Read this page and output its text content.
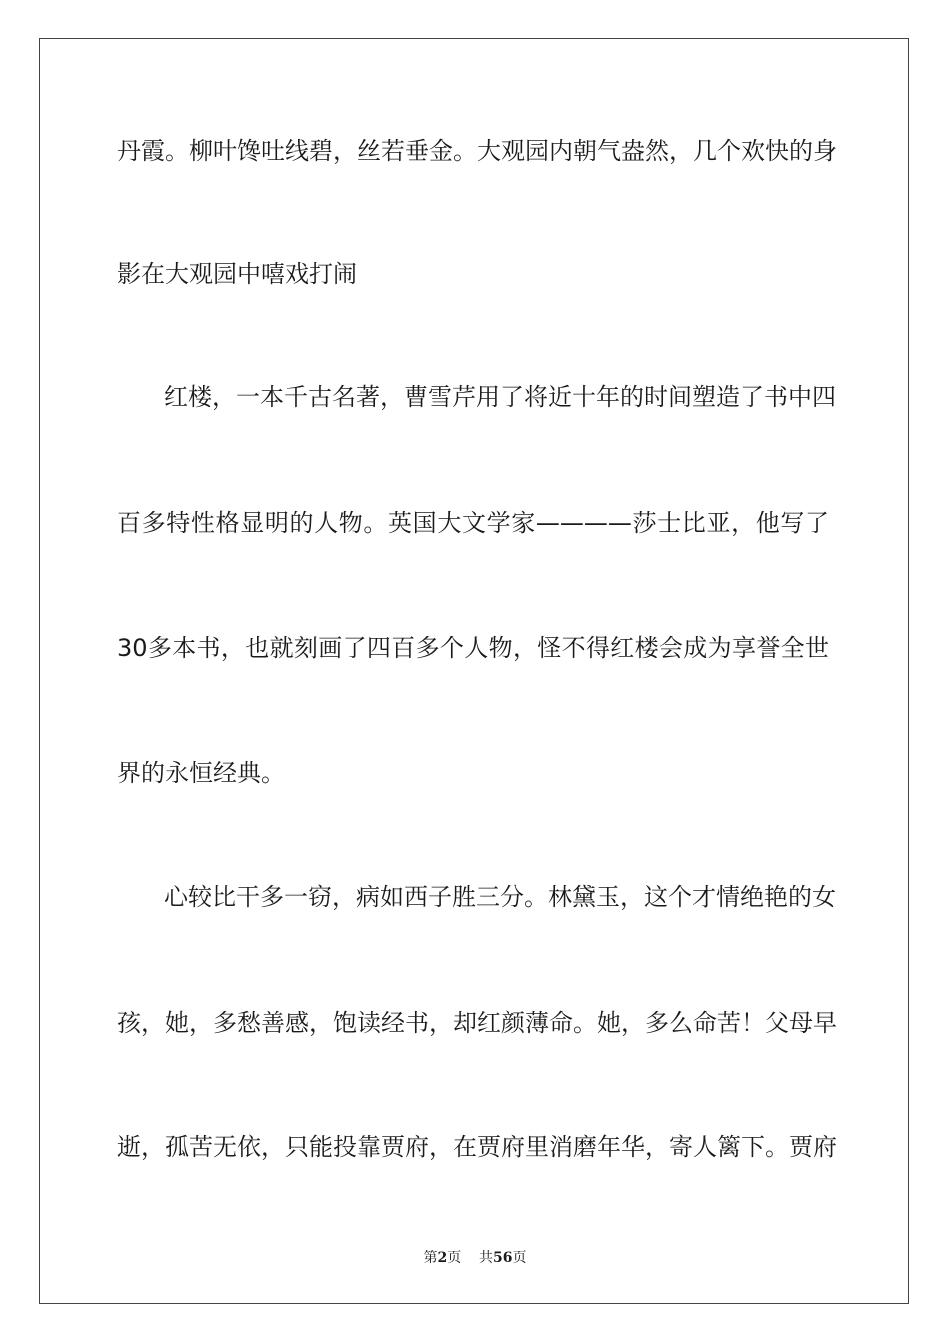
丹霞。柳叶馋吐线碧，丝若垂金。大观园内朝气盎然，几个欢快的身
影在大观园中嘻戏打闹
红楼，一本千古名著，曹雪芹用了将近十年的时间塑造了书中四
百多特性格显明的人物。英国大文学家————莎士比亚，他写了
30多本书，也就刻画了四百多个人物，怪不得红楼会成为享誉全世
界的永恒经典。
心较比干多一窃，病如西子胜三分。林黛玉，这个才情绝艳的女
孩，她，多愁善感，饱读经书，却红颜薄命。她，多么命苦！父母早
逝，孤苦无依，只能投靠贾府，在贾府里消磨年华，寄人篱下。贾府
第2页 共56页
